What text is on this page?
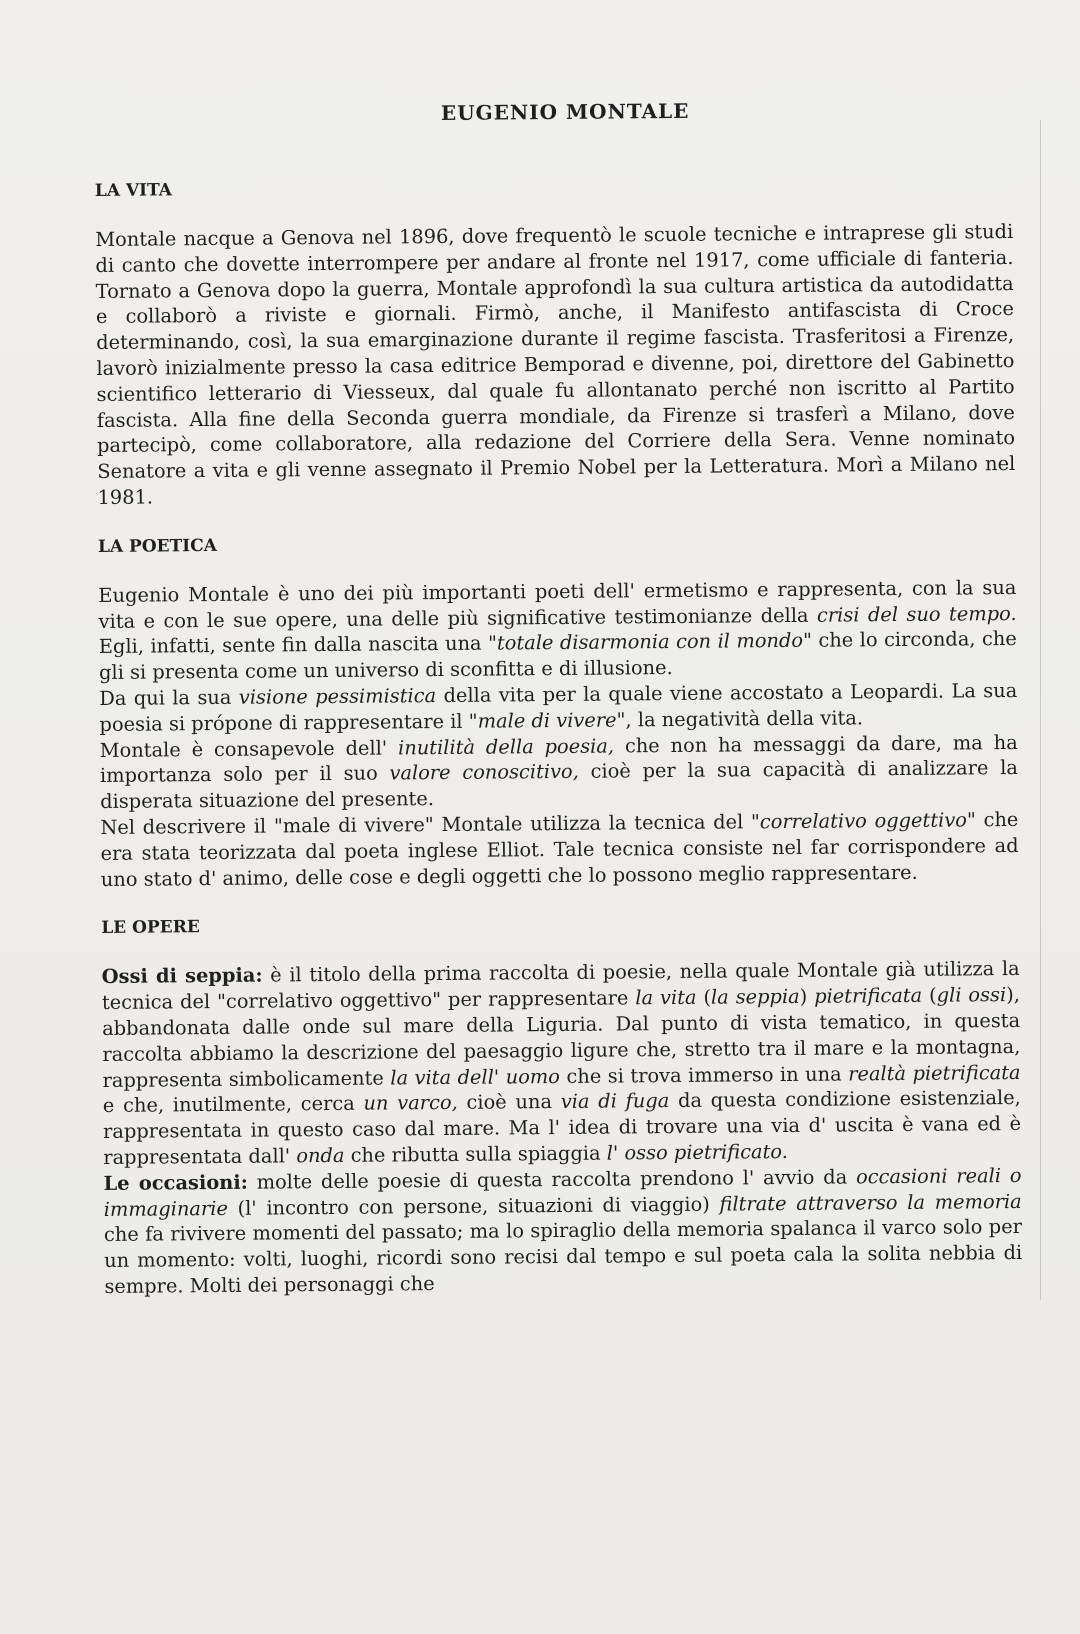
EUGENIO MONTALE
LA VITA

Montale nacque a Genova nel 1896, dove frequentò le scuole tecniche e intraprese gli studi di canto che dovette interrompere per andare al fronte nel 1917, come ufficiale di fanteria. Tornato a Genova dopo la guerra, Montale approfondì la sua cultura artistica da autodidatta e collaborò a riviste e giornali. Firmò, anche, il Manifesto antifascista di Croce determinando, così, la sua emarginazione durante il regime fascista. Trasferitosi a Firenze, lavorò inizialmente presso la casa editrice Bemporad e divenne, poi, direttore del Gabinetto scientifico letterario di Viesseux, dal quale fu allontanato perché non iscritto al Partito fascista. Alla fine della Seconda guerra mondiale, da Firenze si trasferì a Milano, dove partecipò, come collaboratore, alla redazione del Corriere della Sera. Venne nominato Senatore a vita e gli venne assegnato il Premio Nobel per la Letteratura. Morì a Milano nel 1981.

LA POETICA

Eugenio Montale è uno dei più importanti poeti dell' ermetismo e rappresenta, con la sua vita e con le sue opere, una delle più significative testimonianze della crisi del suo tempo. Egli, infatti, sente fin dalla nascita una "totale disarmonia con il mondo" che lo circonda, che gli si presenta come un universo di sconfitta e di illusione.

Da qui la sua visione pessimistica della vita per la quale viene accostato a Leopardi. La sua poesia si própone di rappresentare il "male di vivere", la negatività della vita.

Montale è consapevole dell' inutilità della poesia, che non ha messaggi da dare, ma ha importanza solo per il suo valore conoscitivo, cioè per la sua capacità di analizzare la disperata situazione del presente.

Nel descrivere il "male di vivere" Montale utilizza la tecnica del "correlativo oggettivo" che era stata teorizzata dal poeta inglese Elliot. Tale tecnica consiste nel far corrispondere ad uno stato d' animo, delle cose e degli oggetti che lo possono meglio rappresentare.

LE OPERE

Ossi di seppia: è il titolo della prima raccolta di poesie, nella quale Montale già utilizza la tecnica del "correlativo oggettivo" per rappresentare la vita (la seppia) pietrificata (gli ossi), abbandonata dalle onde sul mare della Liguria. Dal punto di vista tematico, in questa raccolta abbiamo la descrizione del paesaggio ligure che, stretto tra il mare e la montagna, rappresenta simbolicamente la vita dell' uomo che si trova immerso in una realtà pietrificata e che, inutilmente, cerca un varco, cioè una via di fuga da questa condizione esistenziale, rappresentata in questo caso dal mare. Ma l' idea di trovare una via d' uscita è vana ed è rappresentata dall' onda che ributta sulla spiaggia l' osso pietrificato.

Le occasioni: molte delle poesie di questa raccolta prendono l' avvio da occasioni reali o immaginarie (l' incontro con persone, situazioni di viaggio) filtrate attraverso la memoria che fa rivivere momenti del passato; ma lo spiraglio della memoria spalanca il varco solo per un momento: volti, luoghi, ricordi sono recisi dal tempo e sul poeta cala la solita nebbia di sempre. Molti dei personaggi che
